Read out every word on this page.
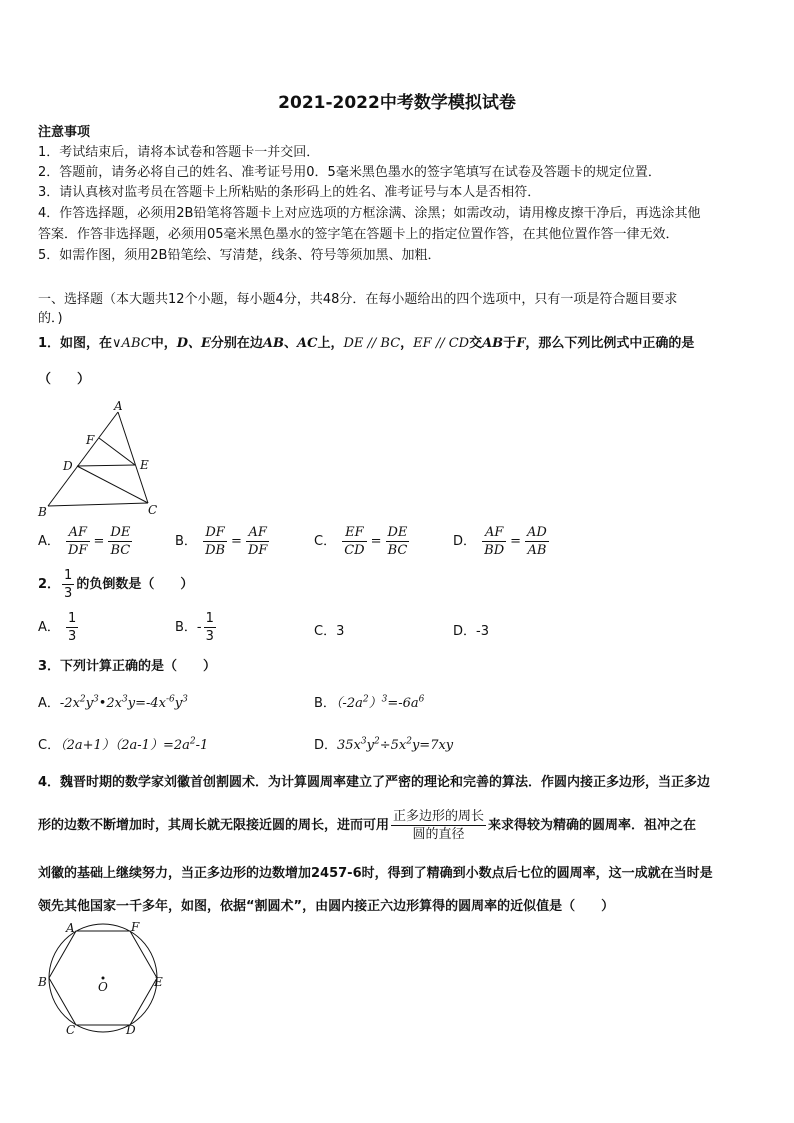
2021-2022中考数学模拟试卷
注意事项
1．考试结束后，请将本试卷和答题卡一并交回．
2．答题前，请务必将自己的姓名、准考证号用0．5毫米黑色墨水的签字笔填写在试卷及答题卡的规定位置．
3．请认真核对监考员在答题卡上所粘贴的条形码上的姓名、准考证号与本人是否相符．
4．作答选择题，必须用2B铅笔将答题卡上对应选项的方框涂满、涂黑；如需改动，请用橡皮擦干净后，再选涂其他
答案．作答非选择题，必须用05毫米黑色墨水的签字笔在答题卡上的指定位置作答，在其他位置作答一律无效．
5．如需作图，须用2B铅笔绘、写清楚，线条、符号等须加黑、加粗．
一、选择题（本大题共12个小题，每小题4分，共48分．在每小题给出的四个选项中，只有一项是符合题目要求
的．)
1．如图，在∨ABC中，D、E分别在边AB、AC上，DE // BC，EF // CD交AB于F，那么下列比例式中正确的是
（　　）
A
B	C
D	E
F
A． $\frac{AF}{DF} = \frac{DE}{BC}$	B． $\frac{DF}{DB} = \frac{AF}{DF}$	C． $\frac{EF}{CD} = \frac{DE}{BC}$	D． $\frac{AF}{BD} = \frac{AD}{AB}$
2． $\frac{1}{3}$ 的负倒数是（　　）
A． $\frac{1}{3}$	B．- $\frac{1}{3}$	C．3	D．-3
3．下列计算正确的是（　　）
A．$-2x^2y^3•2x^3y=-4x^{-6}y^3$	B．$(-2a^2)^3=-6a^6$
C．$(2a+1)(2a-1)=2a^2-1$	D．$35x^3y^2\div 5x^2y=7xy$
4．魏晋时期的数学家刘徽首创割圆术．为计算圆周率建立了严密的理论和完善的算法．作圆内接正多边形，当正多边
形的边数不断增加时，其周长就无限接近圆的周长，进而可用 $\frac{\text{正多边形的周长}}{\text{圆的直径}}$ 来求得较为精确的圆周率．祖冲之在
刘徽的基础上继续努力，当正多边形的边数增加2457-6时，得到了精确到小数点后七位的圆周率，这一成就在当时是
领先其他国家一千多年，如图，依据“割圆术”，由圆内接正六边形算得的圆周率的近似值是（　　）
A	F
B	E
C	D
O
